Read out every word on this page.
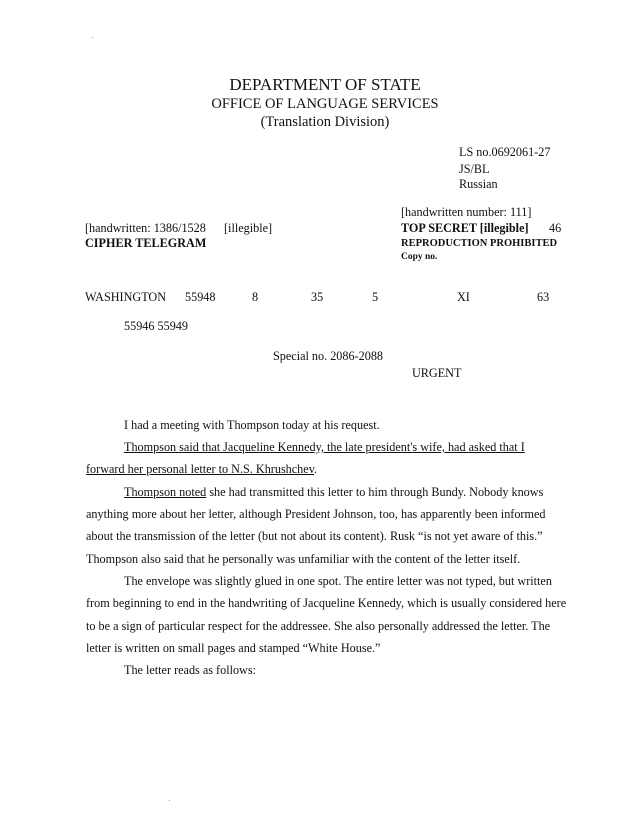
DEPARTMENT OF STATE
OFFICE OF LANGUAGE SERVICES
(Translation Division)
LS no.0692061-27
JS/BL
Russian
[handwritten number: 111]
TOP SECRET [illegible] 46
REPRODUCTION PROHIBITED
Copy no.
[handwritten: 1386/1528 [illegible]
CIPHER TELEGRAM
WASHINGTON 55948	8	35	5	XI	63
55946 55949
Special no. 2086-2088
URGENT
I had a meeting with Thompson today at his request.
Thompson said that Jacqueline Kennedy, the late president's wife, had asked that I
forward her personal letter to N.S. Khrushchev.
Thompson noted she had transmitted this letter to him through Bundy. Nobody knows
anything more about her letter, although President Johnson, too, has apparently been informed
about the transmission of the letter (but not about its content). Rusk “is not yet aware of this.”
Thompson also said that he personally was unfamiliar with the content of the letter itself.
The envelope was slightly glued in one spot. The entire letter was not typed, but written
from beginning to end in the handwriting of Jacqueline Kennedy, which is usually considered here
to be a sign of particular respect for the addressee. She also personally addressed the letter. The
letter is written on small pages and stamped “White House.”
The letter reads as follows:
